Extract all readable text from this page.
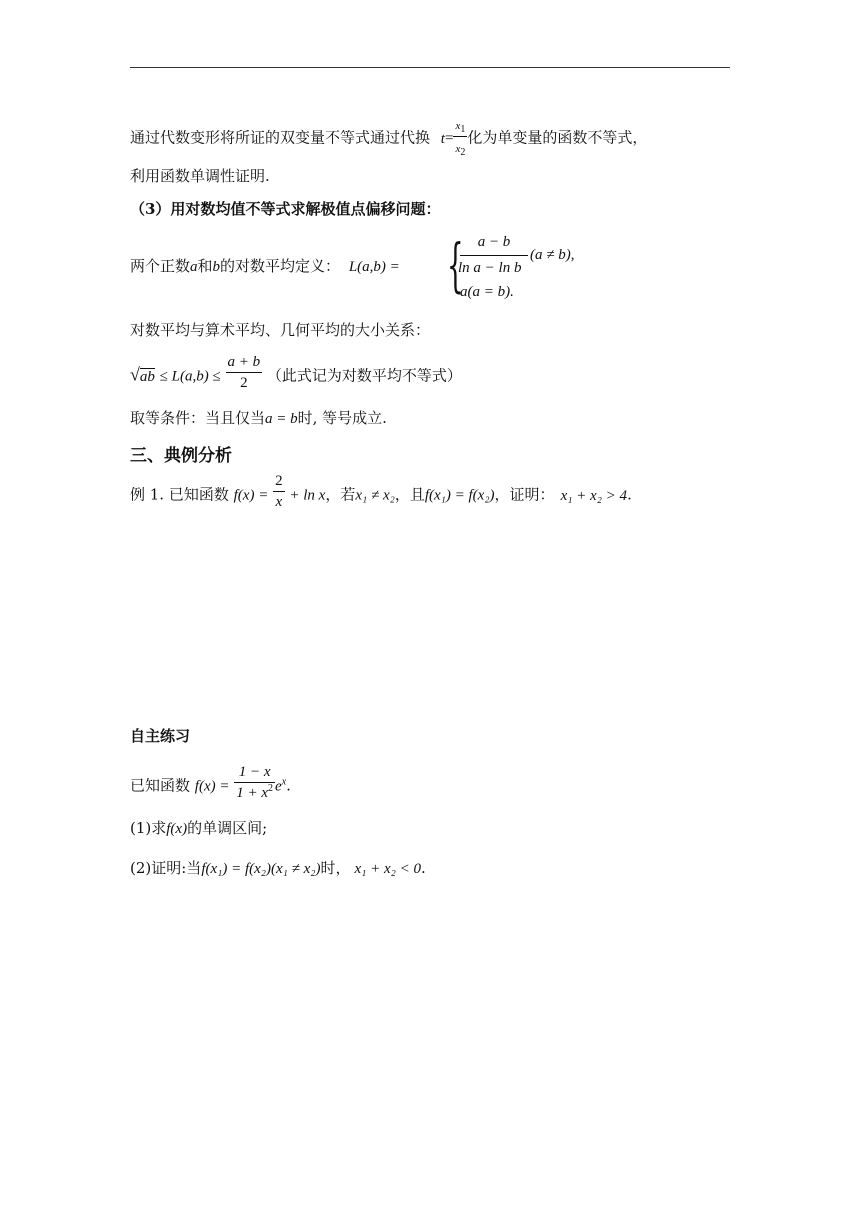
通过代数变形将所证的双变量不等式通过代换 $t= \frac{x_1}{x_2}$ 化为单变量的函数不等式，
利用函数单调性证明.
（3）用对数均值不等式求解极值点偏移问题：
两个正数a和b的对数平均定义： L(a,b) = { a − b
ln a − ln b
(a ≠ b),
a(a = b).
对数平均与算术平均、几何平均的大小关系：
$√ab \le L(a,b) \le \frac{a + b}{2}$ （此式记为对数平均不等式）
取等条件：当且仅当a = b时, 等号成立.
三、典例分析
例 1. 已知函数 $f(x) = \frac{2}{x} + \ln x$，若x₁ ≠ x₂，且f(x₁) = f(x₂)，证明： x₁ + x₂ > 4.
自主练习
已知函数 $f(x) = \frac{1 - x}{1 + x^2} e^x$.
(1)求f(x)的单调区间;
(2)证明:当f(x₁) = f(x₂)(x₁ ≠ x₂)时， x₁ + x₂ < 0.
